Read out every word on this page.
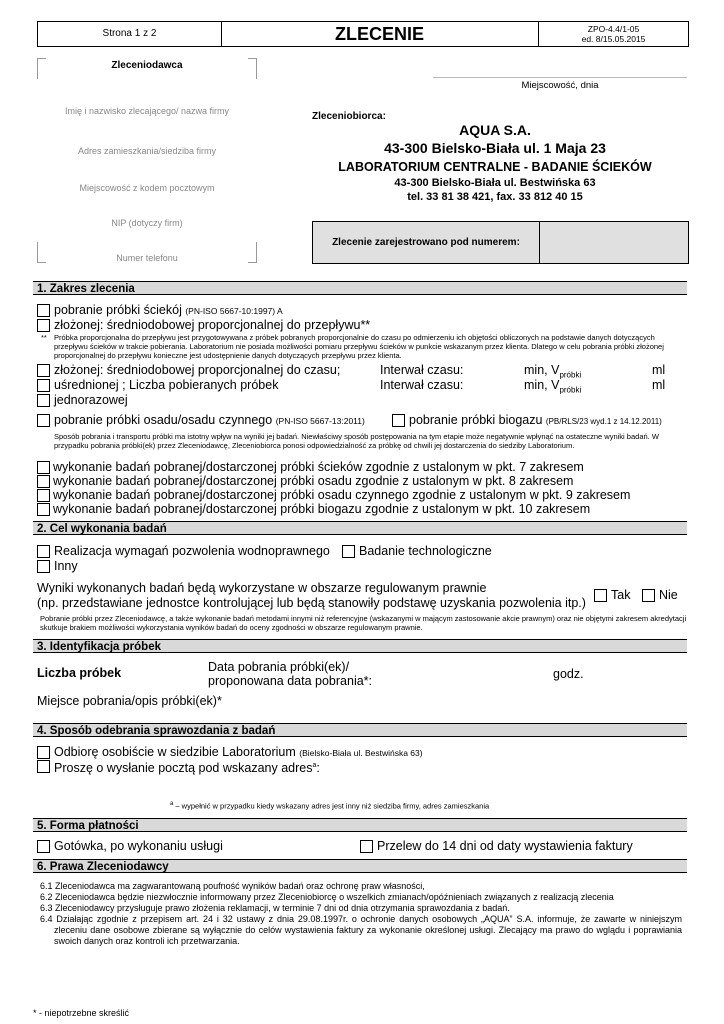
Strona 1 z 2	ZLECENIE	ZPO-4.4/1-05
ed. 8/15.05.2015
Zleceniodawca
Imię i nazwisko zlecającego/ nazwa firmy
Adres zamieszkania/siedziba firmy
Miejscowość z kodem pocztowym
NIP (dotyczy firm)
Numer telefonu
Miejscowość, dnia
Zleceniobiorca:
AQUA S.A.
43-300 Bielsko-Biała ul. 1 Maja 23
LABORATORIUM CENTRALNE - BADANIE ŚCIEKÓW
43-300 Bielsko-Biała ul. Bestwińska 63
tel. 33 81 38 421, fax. 33 812 40 15
Zlecenie zarejestrowano pod numerem:
1. Zakres zlecenia
pobranie próbki ściekój (PN-ISO 5667-10:1997) A
złożonej: średniodobowej proporcjonalnej do przepływu**
** Próbka proporcjonalna do przepływu jest przygotowywana z próbek pobranych proporcjonalnie do czasu po odmierzeniu ich objętości obliczonych na podstawie danych dotyczących przepływu ścieków w trakcie pobierania. Laboratorium nie posiada możliwości pomiaru przepływu ścieków w punkcie wskazanym przez klienta. Dlatego w celu pobrania próbki złożonej proporcjonalnej do przepływu konieczne jest udostępnienie danych dotyczących przepływu przez klienta.
złożonej: średniodobowej proporcjonalnej do czasu;	Interwał czasu:	min, $V_{próbki}$	ml
uśrednionej ; Liczba pobieranych próbek	Interwał czasu:	min, $V_{próbki}$	ml
jednorazowej
pobranie próbki osadu/osadu czynnego (PN-ISO 5667-13:2011)	pobranie próbki biogazu (PB/RLS/23 wyd.1 z 14.12.2011)
Sposób pobrania i transportu próbki ma istotny wpływ na wyniki jej badań. Niewłaściwy sposób postępowania na tym etapie może negatywnie wpłynąć na ostateczne wyniki badań. W przypadku pobrania próbki(ek) przez Zleceniodawcę, Zleceniobiorca ponosi odpowiedzialność za próbkę od chwili jej dostarczenia do siedziby Laboratorium.
wykonanie badań pobranej/dostarczonej próbki ścieków zgodnie z ustalonym w pkt. 7 zakresem
wykonanie badań pobranej/dostarczonej próbki osadu zgodnie z ustalonym w pkt. 8 zakresem
wykonanie badań pobranej/dostarczonej próbki osadu czynnego zgodnie z ustalonym w pkt. 9 zakresem
wykonanie badań pobranej/dostarczonej próbki biogazu zgodnie z ustalonym w pkt. 10 zakresem
2. Cel wykonania badań
Realizacja wymagań pozwolenia wodnoprawnego Badanie technologiczne
Inny
Wyniki wykonanych badań będą wykorzystane w obszarze regulowanym prawnie
(np. przedstawiane jednostce kontrolującej lub będą stanowiły podstawę uzyskania pozwolenia itp.)
Tak Nie
Pobranie próbki przez Zleceniodawcę, a także wykonanie badań metodami innymi niż referencyjne (wskazanymi w mającym zastosowanie akcie prawnym) oraz nie objętymi zakresem akredytacji skutkuje brakiem możliwości wykorzystania wyników badań do oceny zgodności w obszarze regulowanym prawnie.
3. Identyfikacja próbek
Liczba próbek	Data pobrania próbki(ek)/
proponowana data pobrania*:	godz.
Miejsce pobrania/opis próbki(ek)*
4. Sposób odebrania sprawozdania z badań
Odbiorę osobiście w siedzibie Laboratorium (Bielsko-Biała ul. Bestwińska 63)
Proszę o wysłanie pocztą pod wskazany adres$^a$:
$^a$ – wypełnić w przypadku kiedy wskazany adres jest inny niż siedziba firmy, adres zamieszkania
5. Forma płatności
Gotówka, po wykonaniu usługi	Przelew do 14 dni od daty wystawienia faktury
6. Prawa Zleceniodawcy
6.1 Zleceniodawca ma zagwarantowaną poufność wyników badań oraz ochronę praw własności,
6.2 Zleceniodawca będzie niezwłocznie informowany przez Zleceniobiorcę o wszelkich zmianach/opóźnieniach związanych z realizacją zlecenia
6.3 Zleceniodawcy przysługuje prawo złożenia reklamacji, w terminie 7 dni od dnia otrzymania sprawozdania z badań.
6.4 Działając zgodnie z przepisem art. 24 i 32 ustawy z dnia 29.08.1997r. o ochronie danych osobowych „AQUA” S.A. informuje, że zawarte w niniejszym zleceniu dane osobowe zbierane są wyłącznie do celów wystawienia faktury za wykonanie określonej usługi. Zlecający ma prawo do wglądu i poprawiania swoich danych oraz kontroli ich przetwarzania.
* - niepotrzebne skreślić
